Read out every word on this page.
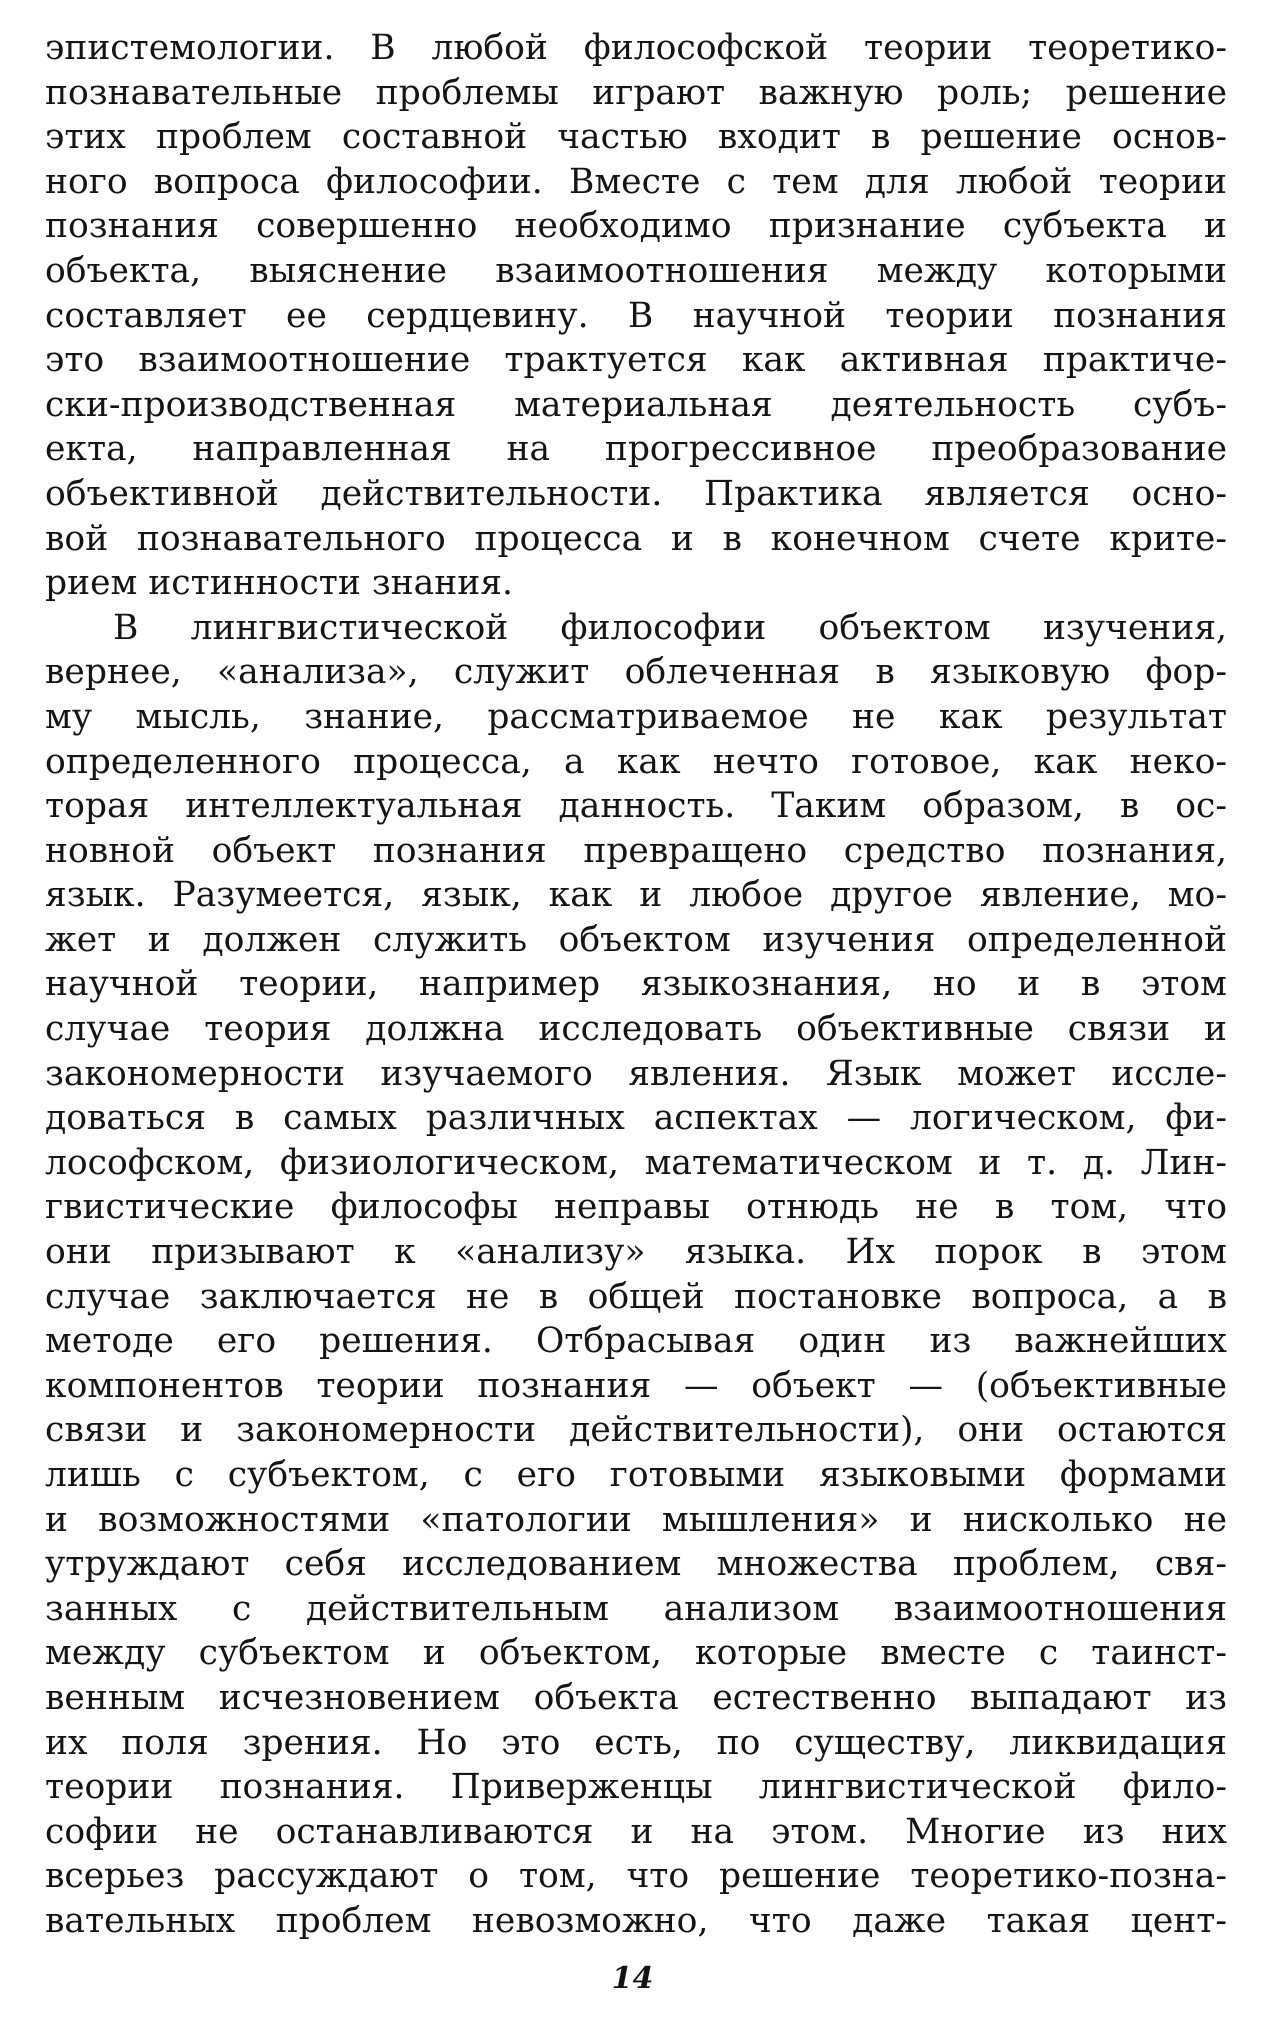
эпистемологии. В любой философской теории теоретико-
познавательные проблемы играют важную роль; решение
этих проблем составной частью входит в решение основ-
ного вопроса философии. Вместе с тем для любой теории
познания совершенно необходимо признание субъекта и
объекта, выяснение взаимоотношения между которыми
составляет ее сердцевину. В научной теории познания
это взаимоотношение трактуется как активная практиче-
ски-производственная материальная деятельность субъ-
екта, направленная на прогрессивное преобразование
объективной действительности. Практика является осно-
вой познавательного процесса и в конечном счете крите-
рием истинности знания.
В лингвистической философии объектом изучения,
вернее, «анализа», служит облеченная в языковую фор-
му мысль, знание, рассматриваемое не как результат
определенного процесса, а как нечто готовое, как неко-
торая интеллектуальная данность. Таким образом, в ос-
новной объект познания превращено средство познания,
язык. Разумеется, язык, как и любое другое явление, мо-
жет и должен служить объектом изучения определенной
научной теории, например языкознания, но и в этом
случае теория должна исследовать объективные связи и
закономерности изучаемого явления. Язык может иссле-
доваться в самых различных аспектах — логическом, фи-
лософском, физиологическом, математическом и т. д. Лин-
гвистические философы неправы отнюдь не в том, что
они призывают к «анализу» языка. Их порок в этом
случае заключается не в общей постановке вопроса, а в
методе его решения. Отбрасывая один из важнейших
компонентов теории познания — объект — (объективные
связи и закономерности действительности), они остаются
лишь с субъектом, с его готовыми языковыми формами
и возможностями «патологии мышления» и нисколько не
утруждают себя исследованием множества проблем, свя-
занных с действительным анализом взаимоотношения
между субъектом и объектом, которые вместе с таинст-
венным исчезновением объекта естественно выпадают из
их поля зрения. Но это есть, по существу, ликвидация
теории познания. Приверженцы лингвистической фило-
софии не останавливаются и на этом. Многие из них
всерьез рассуждают о том, что решение теоретико-позна-
вательных проблем невозможно, что даже такая цент-
14
